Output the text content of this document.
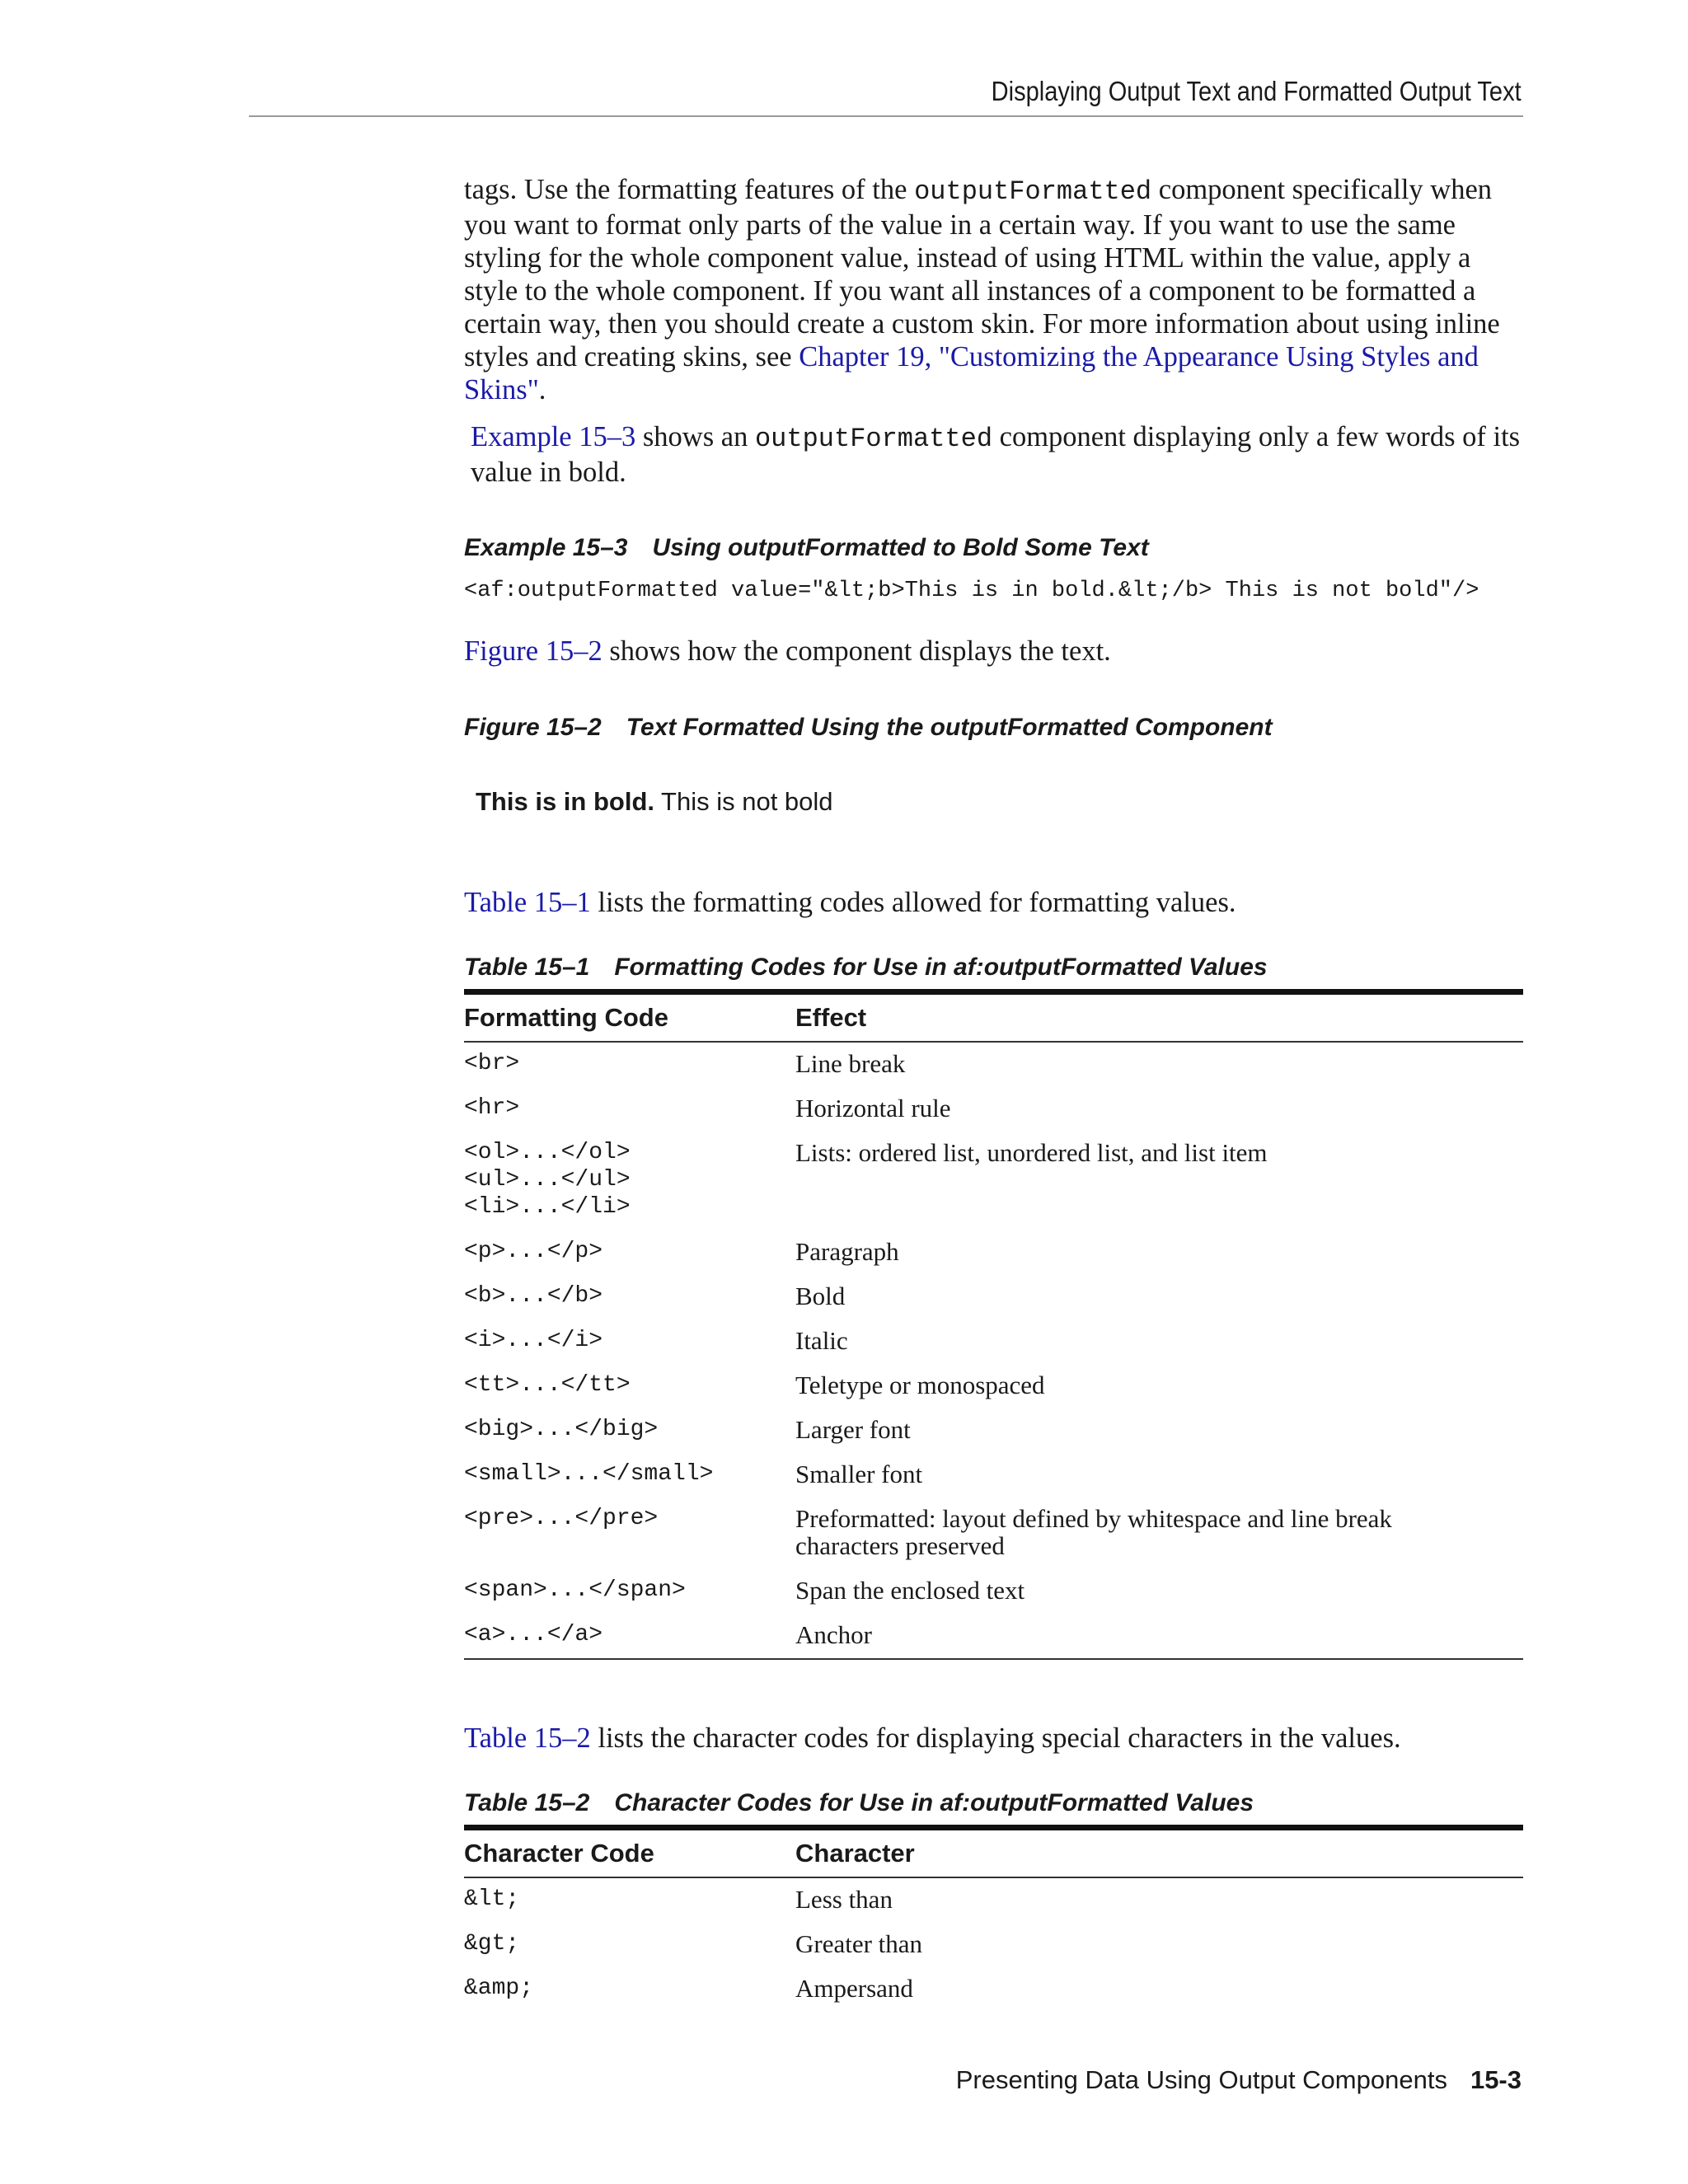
Displaying Output Text and Formatted Output Text

tags. Use the formatting features of the outputFormatted component specifically when you want to format only parts of the value in a certain way. If you want to use the same styling for the whole component value, instead of using HTML within the value, apply a style to the whole component. If you want all instances of a component to be formatted a certain way, then you should create a custom skin. For more information about using inline styles and creating skins, see Chapter 19, "Customizing the Appearance Using Styles and Skins".

Example 15–3 shows an outputFormatted component displaying only a few words of its value in bold.

Example 15–3 Using outputFormatted to Bold Some Text

<af:outputFormatted value="&lt;b>This is in bold.&lt;/b> This is not bold"/>

Figure 15–2 shows how the component displays the text.

Figure 15–2 Text Formatted Using the outputFormatted Component

This is in bold. This is not bold

Table 15–1 lists the formatting codes allowed for formatting values.

Table 15–1 Formatting Codes for Use in af:outputFormatted Values

Formatting Code	Effect
<br>	Line break
<hr>	Horizontal rule
<ol>...</ol>
<ul>...</ul>
<li>...</li>	Lists: ordered list, unordered list, and list item
<p>...</p>	Paragraph
<b>...</b>	Bold
<i>...</i>	Italic
<tt>...</tt>	Teletype or monospaced
<big>...</big>	Larger font
<small>...</small>	Smaller font
<pre>...</pre>	Preformatted: layout defined by whitespace and line break
characters preserved
<span>...</span>	Span the enclosed text
<a>...</a>	Anchor

Table 15–2 lists the character codes for displaying special characters in the values.

Table 15–2 Character Codes for Use in af:outputFormatted Values

Character Code	Character
&lt;	Less than
&gt;	Greater than
&amp;	Ampersand
Presenting Data Using Output Components 15-3
